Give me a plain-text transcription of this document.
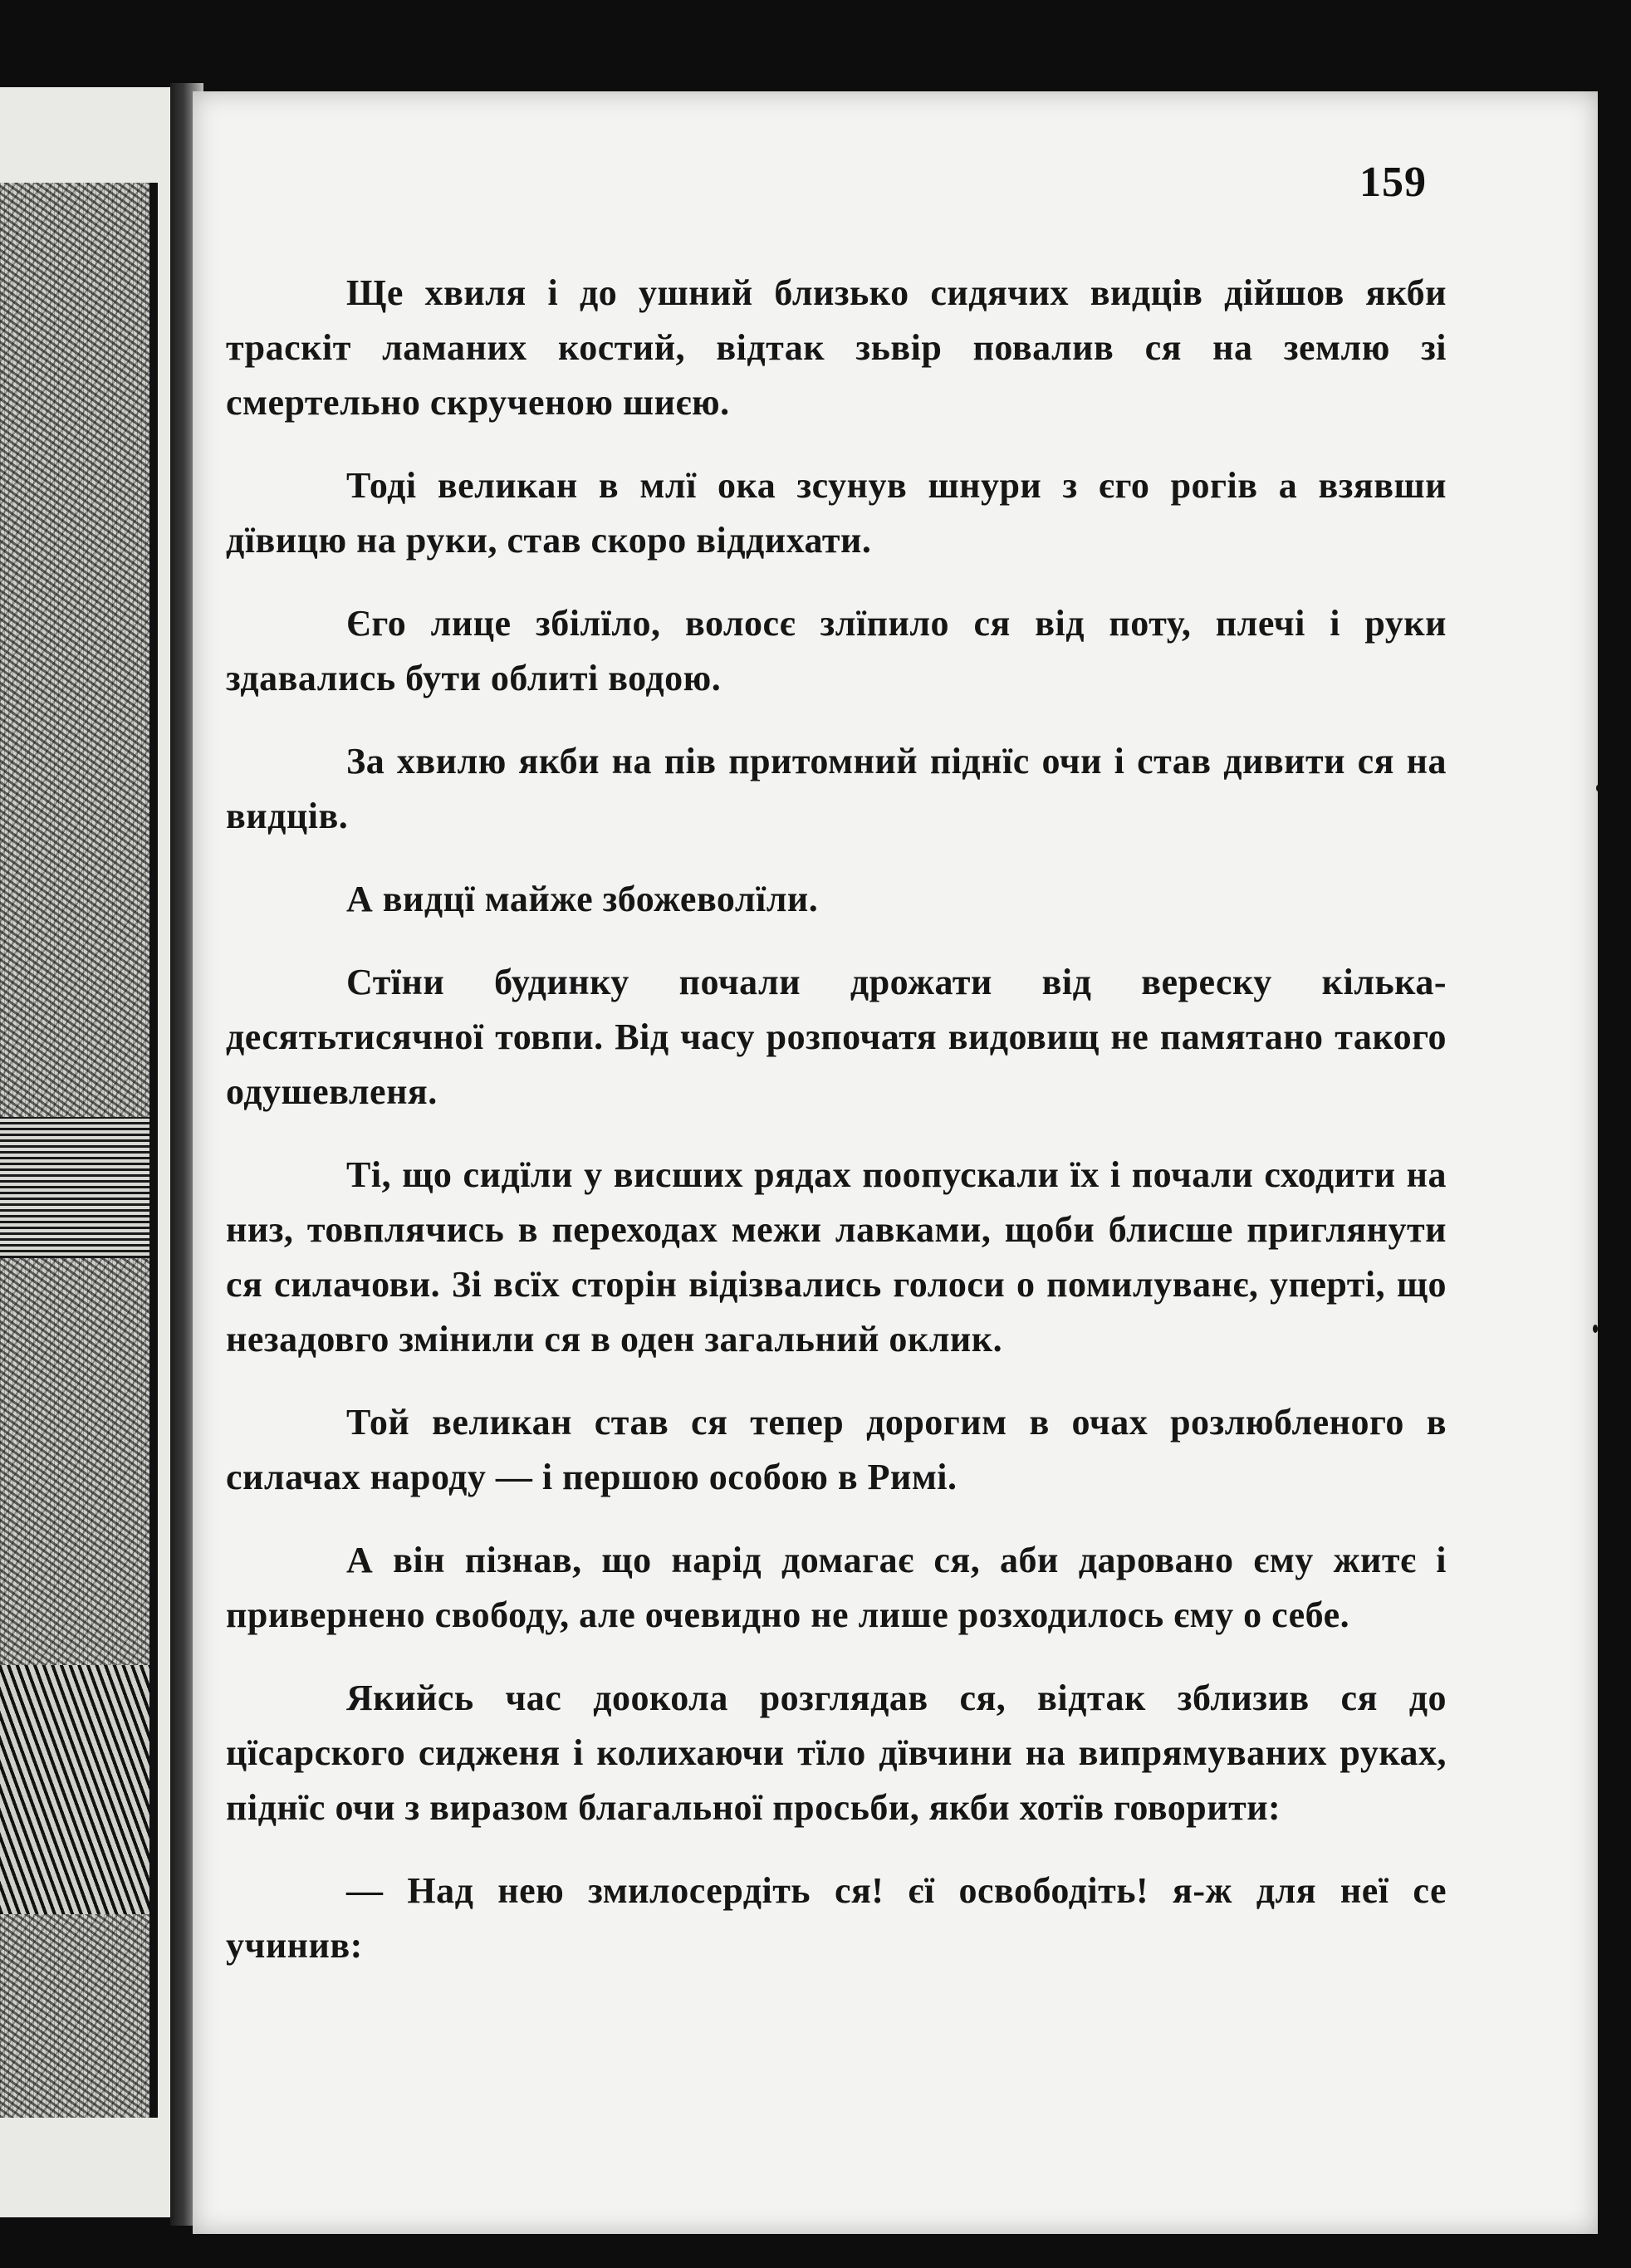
159

Ще хвиля і до ушний близько сидячих видців дійшов якби траскіт ламаних костий, відтак зьвір повалив ся на землю зі смертельно скрученою шиєю.

Тоді великан в млї ока зсунув шнури з єго рогів а взявши дївицю на руки, став скоро віддихати.

Єго лице збілїло, волосє злїпило ся від поту, плечі і руки здавались бути облиті водою.

За хвилю якби на пів притомний піднїс очи і став дивити ся на видців.

А видцї майже збожеволїли.

Стїни будинку почали дрожати від вереску кілька-десятьтисячної товпи. Від часу розпочатя видовищ не памятано такого одушевленя.

Ті, що сидїли у висших рядах поопускали їх і почали сходити на низ, товплячись в переходах межи лавками, щоби блисше приглянути ся силачови. Зі всїх сторін відізвались голоси о помилуванє, уперті, що незадовго змінили ся в оден загальний оклик.

Той великан став ся тепер дорогим в очах розлюбленого в силачах народу — і першою особою в Римі.

А він пізнав, що нарід домагає ся, аби даровано єму житє і привернено свободу, але очевидно не лише розходилось єму о себе.

Якийсь час доокола розглядав ся, відтак зблизив ся до цїсарского сидженя і колихаючи тїло дївчини на випрямуваних руках, піднїс очи з виразом благальної просьби, якби хотїв говорити:

— Над нею змилосердіть ся! єї освободіть! я-ж для неї се учинив:
